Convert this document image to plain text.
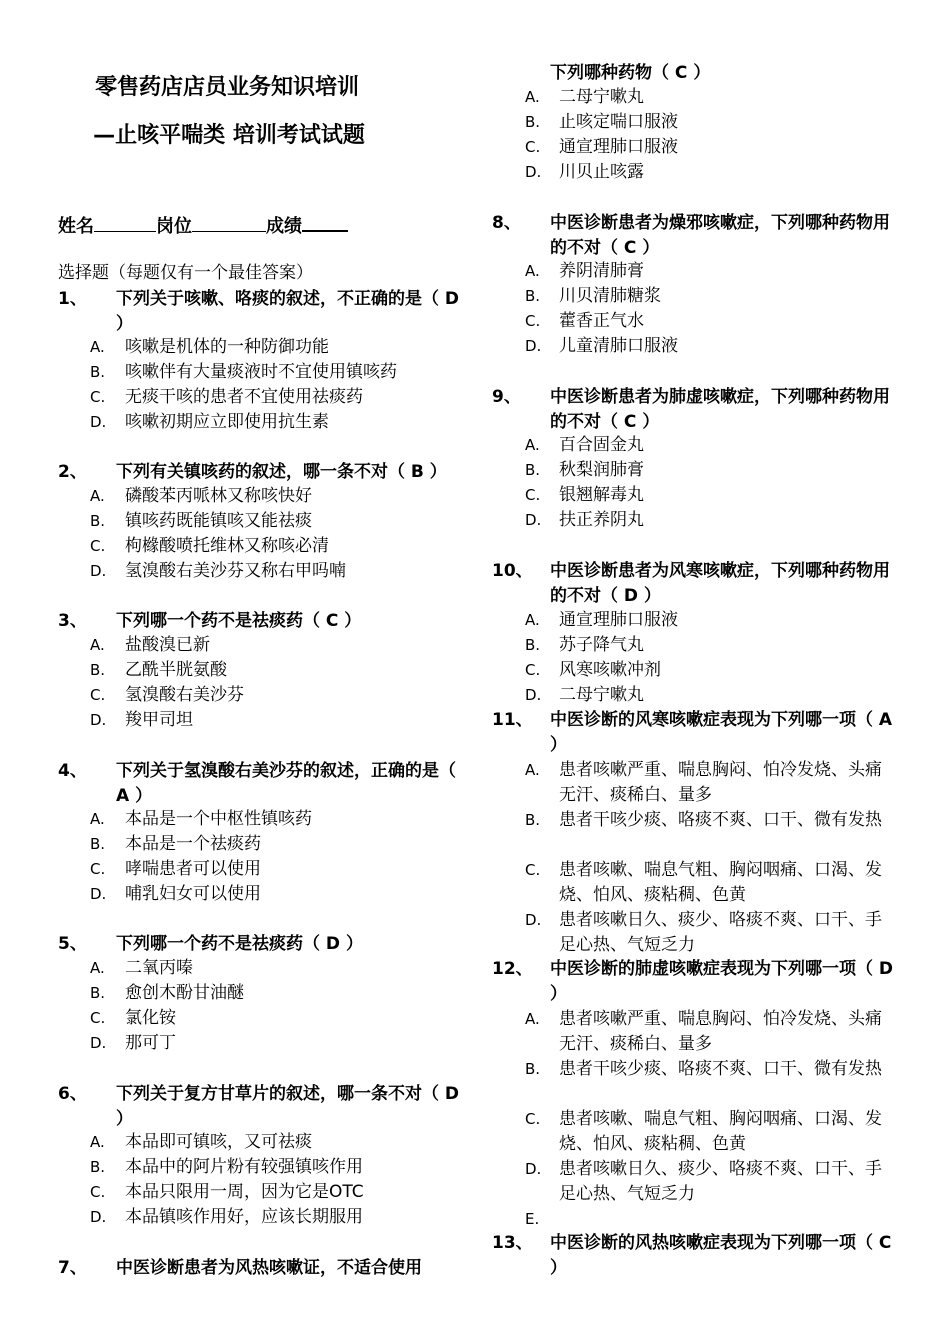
零售药店店员业务知识培训
—止咳平喘类 培训考试试题
姓名	岗位	成绩
选择题（每题仅有一个最佳答案）
1、 下列关于咳嗽、咯痰的叙述，不正确的是（ D ）
A. 咳嗽是机体的一种防御功能
B. 咳嗽伴有大量痰液时不宜使用镇咳药
C. 无痰干咳的患者不宜使用祛痰药
D. 咳嗽初期应立即使用抗生素
2、 下列有关镇咳药的叙述，哪一条不对（ B ）
A. 磷酸苯丙哌林又称咳快好
B. 镇咳药既能镇咳又能祛痰
C. 枸橼酸喷托维林又称咳必清
D. 氢溴酸右美沙芬又称右甲吗喃
3、 下列哪一个药不是祛痰药（ C ）
A. 盐酸溴已新
B. 乙酰半胱氨酸
C. 氢溴酸右美沙芬
D. 羧甲司坦
4、 下列关于氢溴酸右美沙芬的叙述，正确的是（ A ）
A. 本品是一个中枢性镇咳药
B. 本品是一个祛痰药
C. 哮喘患者可以使用
D. 哺乳妇女可以使用
5、 下列哪一个药不是祛痰药（ D ）
A. 二氧丙嗪
B. 愈创木酚甘油醚
C. 氯化铵
D. 那可丁
6、 下列关于复方甘草片的叙述，哪一条不对（ D ）
A. 本品即可镇咳，又可祛痰
B. 本品中的阿片粉有较强镇咳作用
C. 本品只限用一周，因为它是OTC
D. 本品镇咳作用好，应该长期服用
7、 中医诊断患者为风热咳嗽证，不适合使用
下列哪种药物（ C ）
A. 二母宁嗽丸
B. 止咳定喘口服液
C. 通宣理肺口服液
D. 川贝止咳露
8、 中医诊断患者为燥邪咳嗽症，下列哪种药物用的不对（ C ）
A. 养阴清肺膏
B. 川贝清肺糖浆
C. 藿香正气水
D. 儿童清肺口服液
9、 中医诊断患者为肺虚咳嗽症，下列哪种药物用的不对（ C ）
A. 百合固金丸
B. 秋梨润肺膏
C. 银翘解毒丸
D. 扶正养阴丸
10、 中医诊断患者为风寒咳嗽症，下列哪种药物用的不对（ D ）
A. 通宣理肺口服液
B. 苏子降气丸
C. 风寒咳嗽冲剂
D. 二母宁嗽丸
11、 中医诊断的风寒咳嗽症表现为下列哪一项（ A ）
A. 患者咳嗽严重、喘息胸闷、怕冷发烧、头痛无汗、痰稀白、量多
B. 患者干咳少痰、咯痰不爽、口干、微有发热
C. 患者咳嗽、喘息气粗、胸闷咽痛、口渴、发烧、怕风、痰粘稠、色黄
D. 患者咳嗽日久、痰少、咯痰不爽、口干、手足心热、气短乏力
12、 中医诊断的肺虚咳嗽症表现为下列哪一项（ D ）
A. 患者咳嗽严重、喘息胸闷、怕冷发烧、头痛无汗、痰稀白、量多
B. 患者干咳少痰、咯痰不爽、口干、微有发热
C. 患者咳嗽、喘息气粗、胸闷咽痛、口渴、发烧、怕风、痰粘稠、色黄
D. 患者咳嗽日久、痰少、咯痰不爽、口干、手足心热、气短乏力
E.
13、 中医诊断的风热咳嗽症表现为下列哪一项（ C ）
